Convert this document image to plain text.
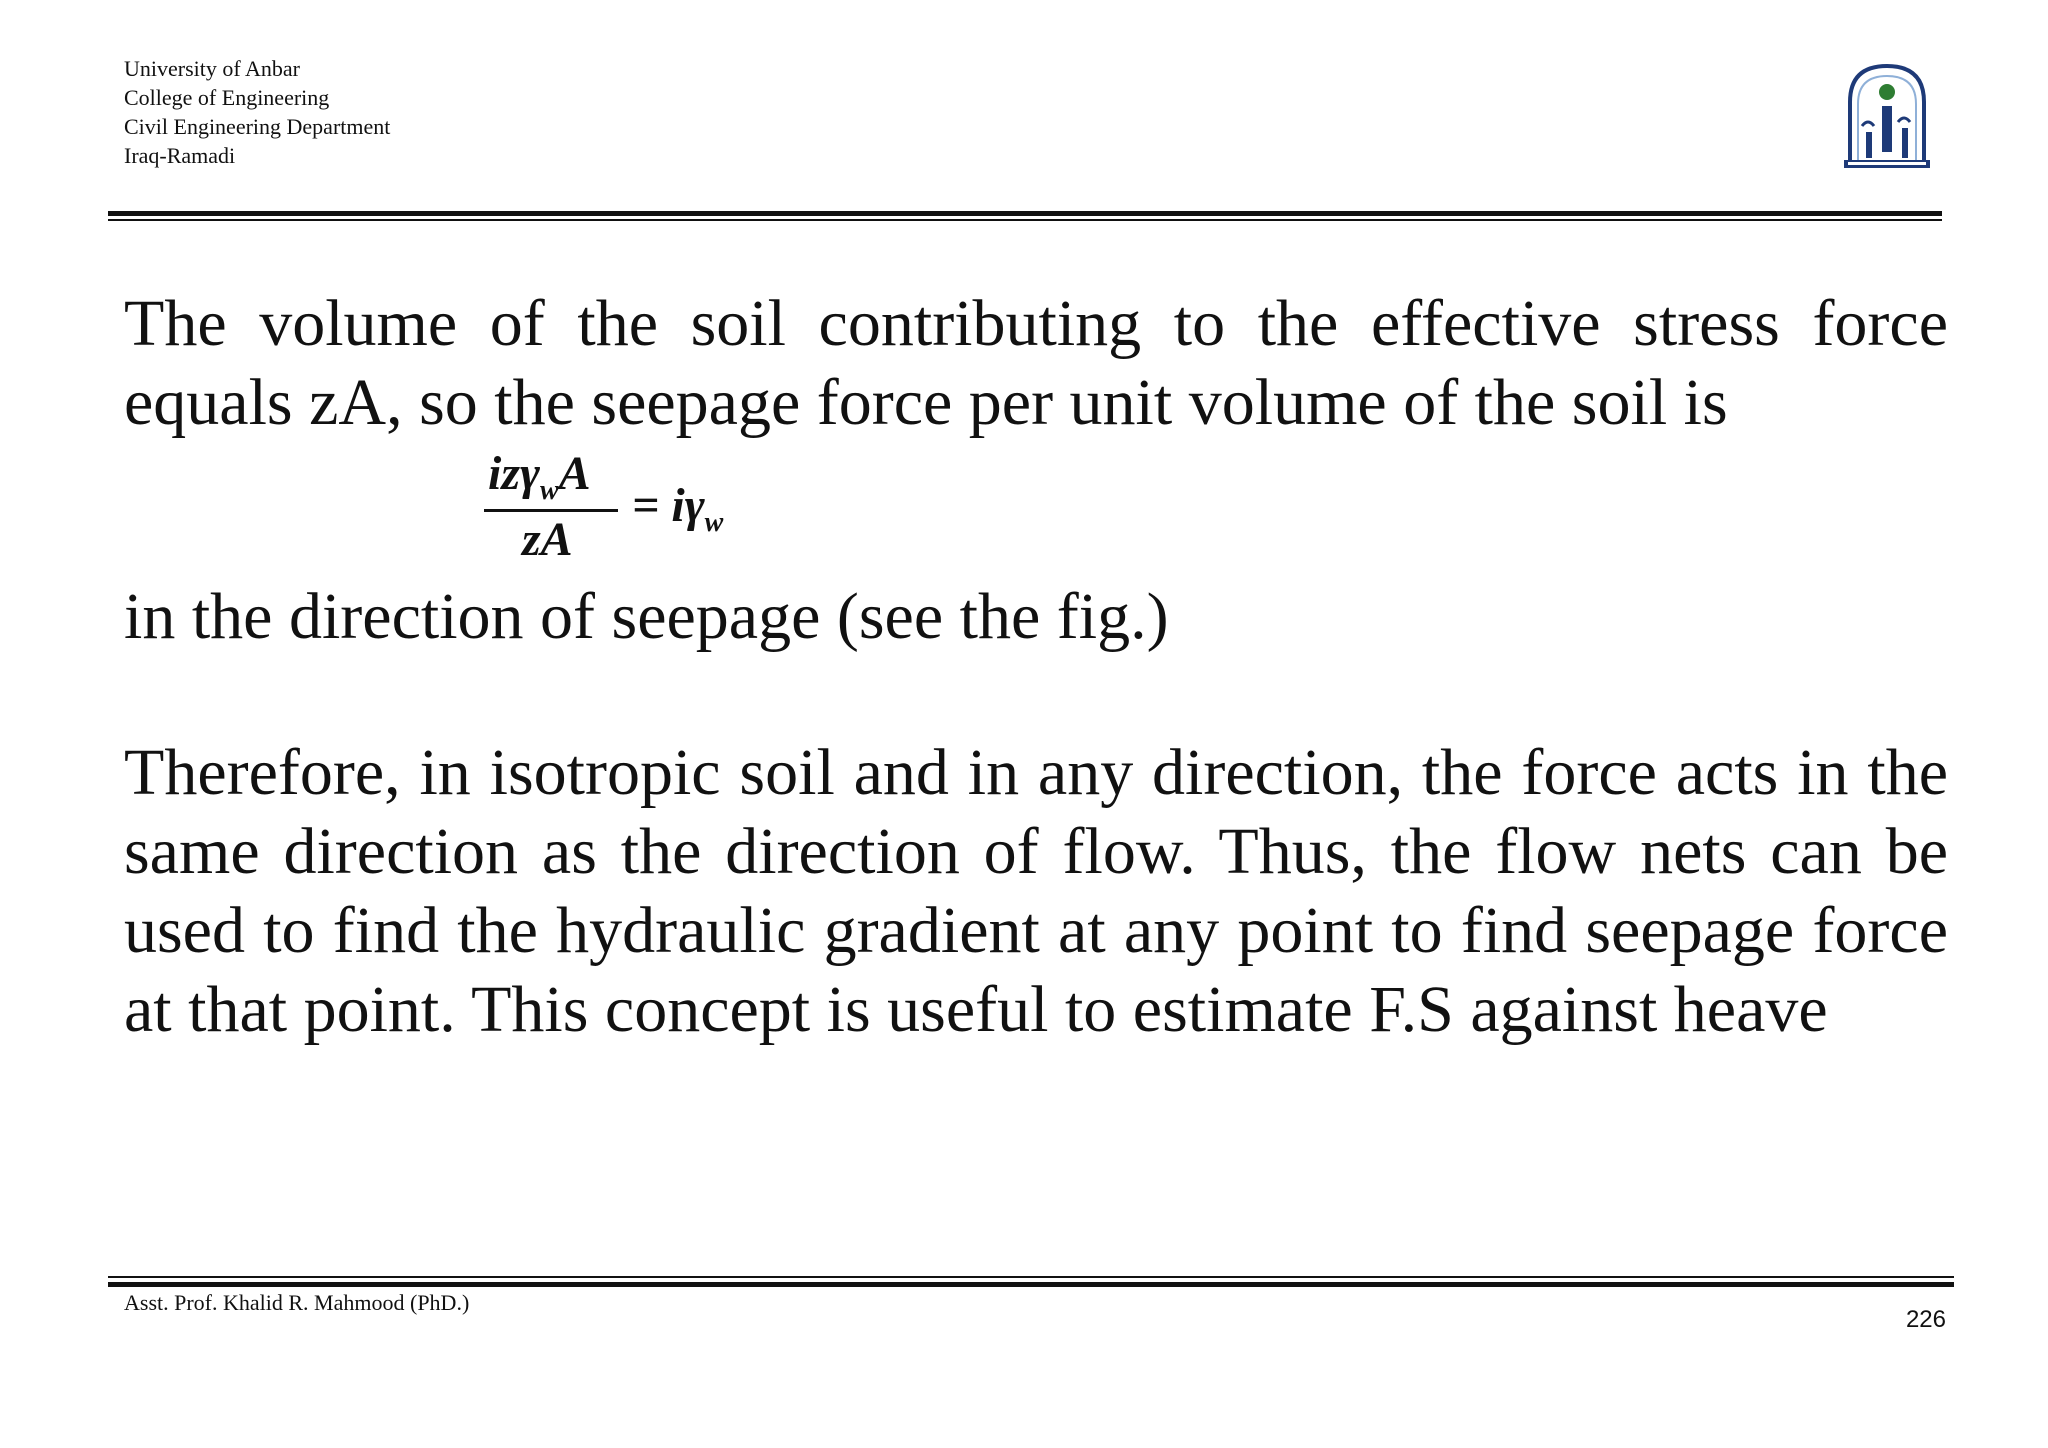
University of Anbar
College of Engineering
Civil Engineering Department
Iraq-Ramadi

The volume of the soil contributing to the effective stress force equals zA, so the seepage force per unit volume of the soil is

izγ$_w$A
zA
= $i\gamma_w$

in the direction of seepage (see the fig.)

Therefore, in isotropic soil and in any direction, the force acts in the same direction as the direction of flow. Thus, the flow nets can be used to find the hydraulic gradient at any point to find seepage force at that point. This concept is useful to estimate F.S against heave

Asst. Prof. Khalid R. Mahmood (PhD.)
226
